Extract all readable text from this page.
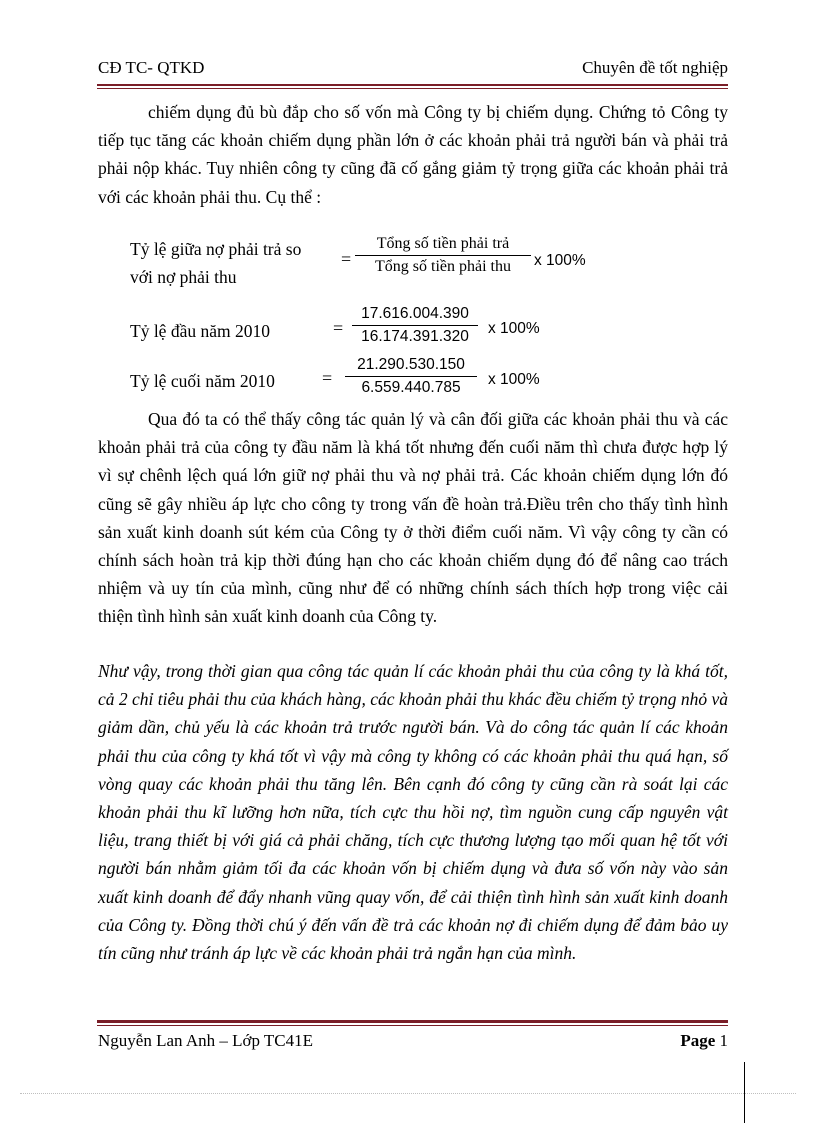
CĐ TC- QTKD	Chuyên đề tốt nghiệp
chiếm dụng đủ bù đắp cho số vốn mà Công ty bị chiếm dụng. Chứng tỏ Công ty tiếp tục tăng các khoản chiếm dụng phần lớn ở các khoản phải trả người bán và phải trả phải nộp khác. Tuy nhiên công ty cũng đã cố gắng giảm tỷ trọng giữa các khoản phải trả với các khoản phải thu. Cụ thể :
Tỷ lệ giữa nợ phải trả so
với nợ phải thu
=
Tổng số tiền phải trả
Tổng số tiền phải thu	x 100%
Tỷ lệ đầu năm 2010	= $\frac{17.616.004.390}{16.174.391.320}$ x 100%
Tỷ lệ cuối năm 2010	= $\frac{21.290.530.150}{6.559.440.785}$ x 100%
Qua đó ta có thể thấy công tác quản lý và cân đối giữa các khoản phải thu và các khoản phải trả của công ty đầu năm là khá tốt nhưng đến cuối năm thì chưa được hợp lý vì sự chênh lệch quá lớn giữ nợ phải thu và nợ phải trả. Các khoản chiếm dụng lớn đó cũng sẽ gây nhiều áp lực cho công ty trong vấn đề hoàn trả.Điều trên cho thấy tình hình sản xuất kinh doanh sút kém của Công ty ở thời điểm cuối năm. Vì vậy công ty cần có chính sách hoàn trả kịp thời đúng hạn cho các khoản chiếm dụng đó để nâng cao trách nhiệm và uy tín của mình, cũng như để có những chính sách thích hợp trong việc cải thiện tình hình sản xuất kinh doanh của Công ty.
Như vậy, trong thời gian qua công tác quản lí các khoản phải thu của công ty là khá tốt, cả 2 chỉ tiêu phải thu của khách hàng, các khoản phải thu khác đều chiếm tỷ trọng nhỏ và giảm dần, chủ yếu là các khoản trả trước người bán. Và do công tác quản lí các khoản phải thu của công ty khá tốt vì vậy mà công ty không có các khoản phải thu quá hạn, số vòng quay các khoản phải thu tăng lên. Bên cạnh đó công ty cũng cần rà soát lại các khoản phải thu kĩ lưỡng hơn nữa, tích cực thu hồi nợ, tìm nguồn cung cấp nguyên vật liệu, trang thiết bị với giá cả phải chăng, tích cực thương lượng tạo mối quan hệ tốt với người bán nhằm giảm tối đa các khoản vốn bị chiếm dụng và đưa số vốn này vào sản xuất kinh doanh để đẩy nhanh vũng quay vốn, để cải thiện tình hình sản xuất kinh doanh của Công ty. Đồng thời chú ý đến vấn đề trả các khoản nợ đi chiếm dụng để đảm bảo uy tín cũng như tránh áp lực về các khoản phải trả ngắn hạn của mình.
Nguyễn Lan Anh – Lớp TC41E	Page 1
